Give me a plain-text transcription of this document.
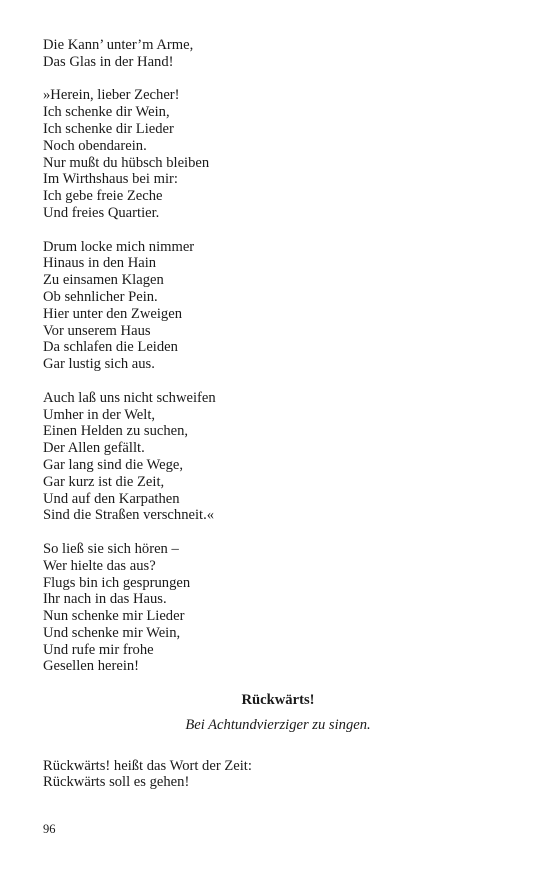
Die Kann’ unter’m Arme,
Das Glas in der Hand!
»Herein, lieber Zecher!
Ich schenke dir Wein,
Ich schenke dir Lieder
Noch obendarein.
Nur mußt du hübsch bleiben
Im Wirthshaus bei mir:
Ich gebe freie Zeche
Und freies Quartier.
Drum locke mich nimmer
Hinaus in den Hain
Zu einsamen Klagen
Ob sehnlicher Pein.
Hier unter den Zweigen
Vor unserem Haus
Da schlafen die Leiden
Gar lustig sich aus.
Auch laß uns nicht schweifen
Umher in der Welt,
Einen Helden zu suchen,
Der Allen gefällt.
Gar lang sind die Wege,
Gar kurz ist die Zeit,
Und auf den Karpathen
Sind die Straßen verschneit.«
So ließ sie sich hören –
Wer hielte das aus?
Flugs bin ich gesprungen
Ihr nach in das Haus.
Nun schenke mir Lieder
Und schenke mir Wein,
Und rufe mir frohe
Gesellen herein!
Rückwärts!
Bei Achtundvierziger zu singen.
Rückwärts! heißt das Wort der Zeit:
Rückwärts soll es gehen!
96
